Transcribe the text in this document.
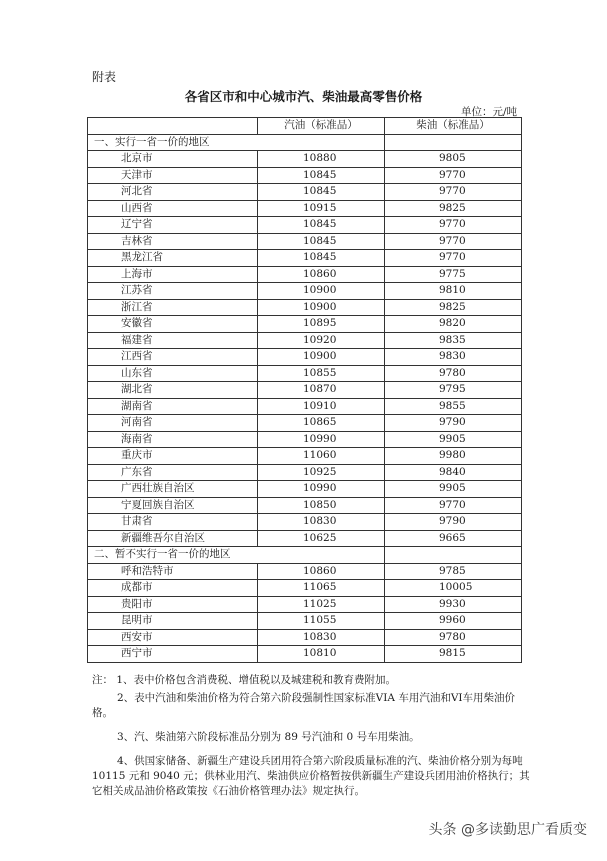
附表
各省区市和中心城市汽、柴油最高零售价格
单位：元/吨
	汽油（标准品）	柴油（标准品）
一、实行一省一价的地区		
北京市	10880	9805
天津市	10845	9770
河北省	10845	9770
山西省	10915	9825
辽宁省	10845	9770
吉林省	10845	9770
黑龙江省	10845	9770
上海市	10860	9775
江苏省	10900	9810
浙江省	10900	9825
安徽省	10895	9820
福建省	10920	9835
江西省	10900	9830
山东省	10855	9780
湖北省	10870	9795
湖南省	10910	9855
河南省	10865	9790
海南省	10990	9905
重庆市	11060	9980
广东省	10925	9840
广西壮族自治区	10990	9905
宁夏回族自治区	10850	9770
甘肃省	10830	9790
新疆维吾尔自治区	10625	9665
二、暂不实行一省一价的地区		
呼和浩特市	10860	9785
成都市	11065	10005
贵阳市	11025	9930
昆明市	11055	9960
西安市	10830	9780
西宁市	10810	9815

注： 1、表中价格包含消费税、增值税以及城建税和教育费附加。

2、表中汽油和柴油价格为符合第六阶段强制性国家标准VIA 车用汽油和VI车用柴油价格。

3、汽、柴油第六阶段标准品分别为 89 号汽油和 0 号车用柴油。

4、供国家储备、新疆生产建设兵团用符合第六阶段质量标准的汽、柴油价格分别为每吨 10115 元和 9040 元；供林业用汽、柴油供应价格暂按供新疆生产建设兵团用油价格执行；其它相关成品油价格政策按《石油价格管理办法》规定执行。

头条 @多读勤思广看质变
